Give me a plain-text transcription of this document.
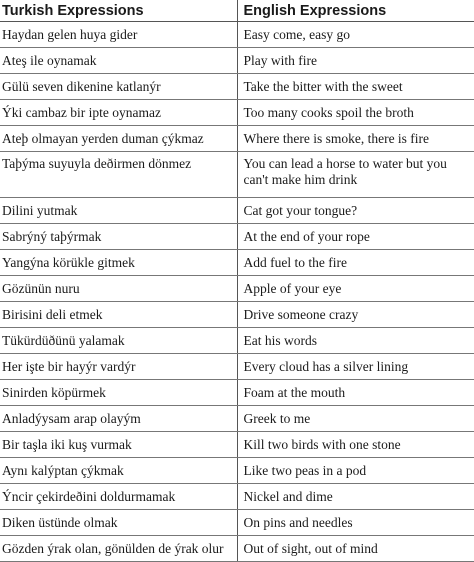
Turkish Expressions	English Expressions
Haydan gelen huya gider	Easy come, easy go
Ateş ile oynamak	Play with fire
Gülü seven dikenine katlanýr	Take the bitter with the sweet
Ýki cambaz bir ipte oynamaz	Too many cooks spoil the broth
Ateþ olmayan yerden duman çýkmaz	Where there is smoke, there is fire
Taþýma suyuyla deðirmen dönmez	You can lead a horse to water but you can't make him drink
Dilini yutmak	Cat got your tongue?
Sabrýný taþýrmak	At the end of your rope
Yangýna körükle gitmek	Add fuel to the fire
Gözünün nuru	Apple of your eye
Birisini deli etmek	Drive someone crazy
Tükürdüðünü yalamak	Eat his words
Her işte bir hayýr vardýr	Every cloud has a silver lining
Sinirden köpürmek	Foam at the mouth
Anladýysam arap olayým	Greek to me
Bir taşla iki kuş vurmak	Kill two birds with one stone
Aynı kalýptan çýkmak	Like two peas in a pod
Ýncir çekirdeðini doldurmamak	Nickel and dime
Diken üstünde olmak	On pins and needles
Gözden ýrak olan, gönülden de ýrak olur	Out of sight, out of mind
